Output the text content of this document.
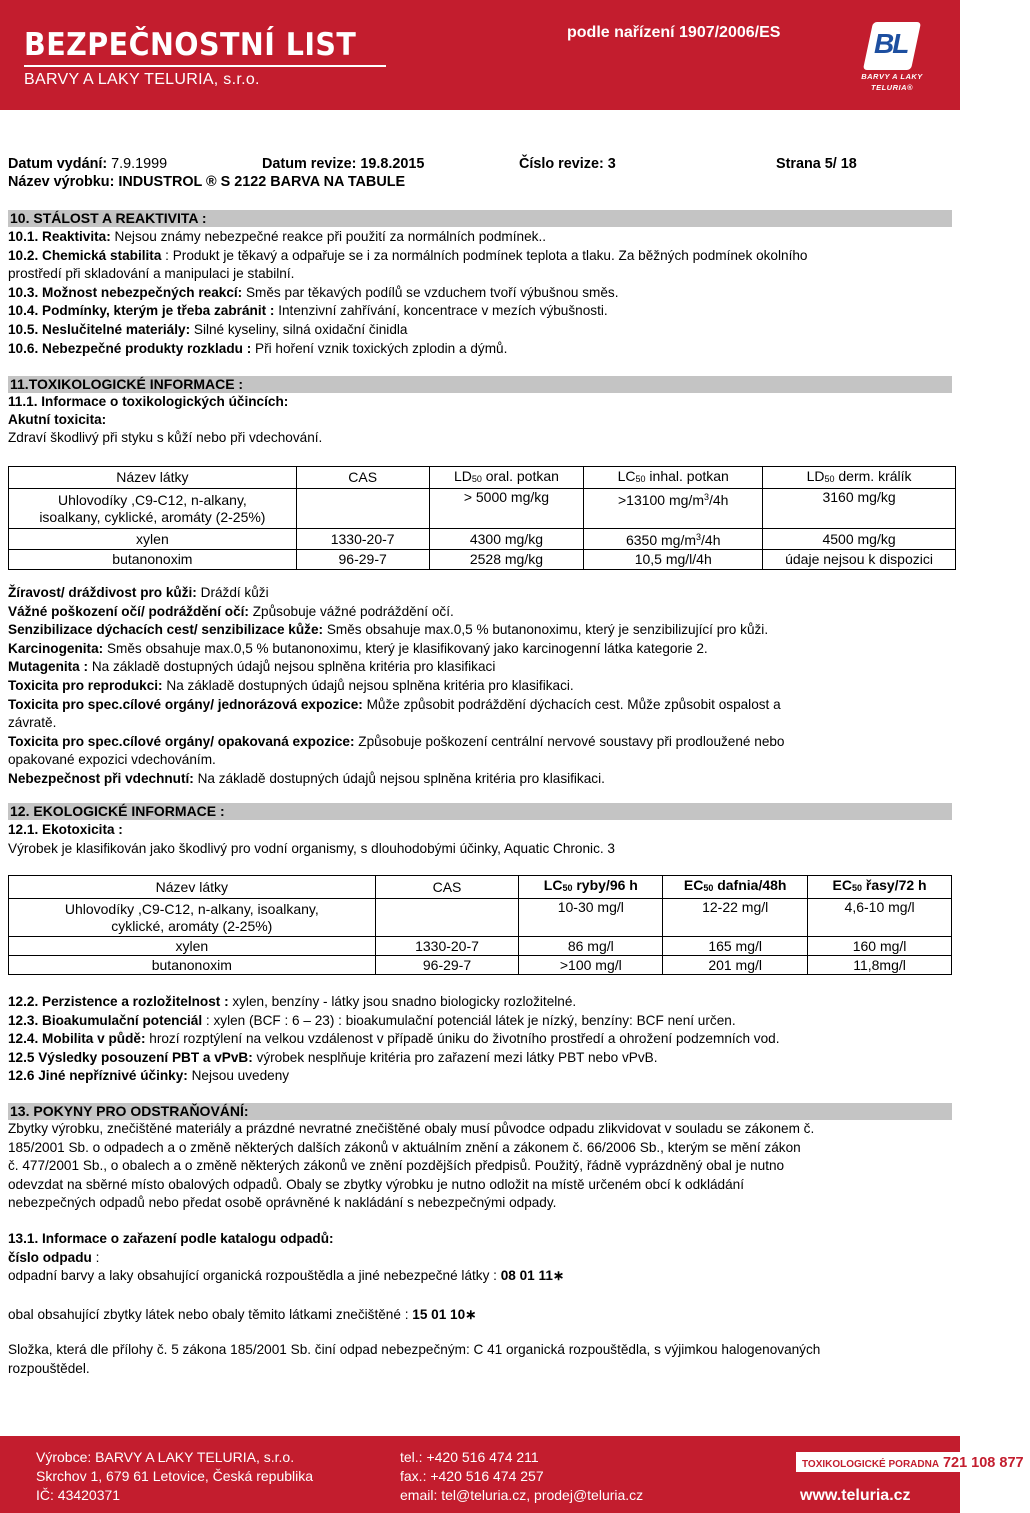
BEZPEČNOSTNÍ LIST
BARVY A LAKY TELURIA, s.r.o.
podle nařízení 1907/2006/ES	BL
BARVY A LAKY
TELURIA®
Datum vydání: 7.9.1999	Datum revize: 19.8.2015	Číslo revize: 3	Strana 5/ 18
Název výrobku: INDUSTROL ® S 2122 BARVA NA TABULE
10. STÁLOST A REAKTIVITA :
10.1. Reaktivita: Nejsou známy nebezpečné reakce při použití za normálních podmínek..
10.2. Chemická stabilita : Produkt je těkavý a odpařuje se i za normálních podmínek teplota a tlaku. Za běžných podmínek okolního
prostředí při skladování a manipulaci je stabilní.
10.3. Možnost nebezpečných reakcí: Směs par těkavých podílů se vzduchem tvoří výbušnou směs.
10.4. Podmínky, kterým je třeba zabránit : Intenzivní zahřívání, koncentrace v mezích výbušnosti.
10.5. Neslučitelné materiály: Silné kyseliny, silná oxidační činidla
10.6. Nebezpečné produkty rozkladu : Při hoření vznik toxických zplodin a dýmů.
11.TOXIKOLOGICKÉ INFORMACE :
11.1. Informace o toxikologických účincích:
Akutní toxicita:
Zdraví škodlivý při styku s kůží nebo při vdechování.
Název látky	CAS	$LD_{50}$ oral. potkan	$LC_{50}$ inhal. potkan	$LD_{50}$ derm. králík

Uhlovodíky ,C9-C12, n-alkany,
isoalkany, cyklické, aromáty (2-25%)		> 5000 mg/kg	>13100 $mg/m^3/4h$	3160 mg/kg
xylen	1330-20-7	4300 mg/kg	6350 $mg/m^3/4h$	4500 mg/kg
butanonoxim	96-29-7	2528 mg/kg	10,5 mg/l/4h	údaje nejsou k dispozici
Žíravost/ dráždivost pro kůži: Dráždí kůži
Vážné poškození očí/ podráždění očí: Způsobuje vážné podráždění očí.
Senzibilizace dýchacích cest/ senzibilizace kůže: Směs obsahuje max.0,5 % butanonoximu, který je senzibilizující pro kůži.
Karcinogenita: Směs obsahuje max.0,5 % butanonoximu, který je klasifikovaný jako karcinogenní látka kategorie 2.
Mutagenita : Na základě dostupných údajů nejsou splněna kritéria pro klasifikaci
Toxicita pro reprodukci: Na základě dostupných údajů nejsou splněna kritéria pro klasifikaci.
Toxicita pro spec.cílové orgány/ jednorázová expozice: Může způsobit podráždění dýchacích cest. Může způsobit ospalost a
závratě.
Toxicita pro spec.cílové orgány/ opakovaná expozice: Způsobuje poškození centrální nervové soustavy při prodloužené nebo
opakované expozici vdechováním.
Nebezpečnost při vdechnutí: Na základě dostupných údajů nejsou splněna kritéria pro klasifikaci.
12. EKOLOGICKÉ INFORMACE :
12.1. Ekotoxicita :
Výrobek je klasifikován jako škodlivý pro vodní organismy, s dlouhodobými účinky, Aquatic Chronic. 3
Název látky	CAS	$LC_{50}$ ryby/96 h	$EC_{50}$ dafnia/48h	$EC_{50}$ řasy/72 h

Uhlovodíky ,C9-C12, n-alkany, isoalkany,
cyklické, aromáty (2-25%)		10-30 mg/l	12-22 mg/l	4,6-10 mg/l
xylen	1330-20-7	86 mg/l	165 mg/l	160 mg/l
butanonoxim	96-29-7	>100 mg/l	201 mg/l	11,8mg/l
12.2. Perzistence a rozložitelnost : xylen, benzíny - látky jsou snadno biologicky rozložitelné.
12.3. Bioakumulační potenciál : xylen (BCF : 6 – 23) : bioakumulační potenciál látek je nízký, benzíny: BCF není určen.
12.4. Mobilita v půdě: hrozí rozptýlení na velkou vzdálenost v případě úniku do životního prostředí a ohrožení podzemních vod.
12.5 Výsledky posouzení PBT a vPvB: výrobek nesplňuje kritéria pro zařazení mezi látky PBT nebo vPvB.
12.6 Jiné nepříznivé účinky: Nejsou uvedeny
13. POKYNY PRO ODSTRAŇOVÁNÍ:
Zbytky výrobku, znečištěné materiály a prázdné nevratné znečištěné obaly musí původce odpadu zlikvidovat v souladu se zákonem č.
185/2001 Sb. o odpadech a o změně některých dalších zákonů v aktuálním znění a zákonem č. 66/2006 Sb., kterým se mění zákon
č. 477/2001 Sb., o obalech a o změně některých zákonů ve znění pozdějších předpisů. Použitý, řádně vyprázdněný obal je nutno
odevzdat na sběrné místo obalových odpadů. Obaly se zbytky výrobku je nutno odložit na místě určeném obcí k odkládání
nebezpečných odpadů nebo předat osobě oprávněné k nakládání s nebezpečnými odpady.
13.1. Informace o zařazení podle katalogu odpadů:
číslo odpadu :
odpadní barvy a laky obsahující organická rozpouštědla a jiné nebezpečné látky : 08 01 11∗
obal obsahující zbytky látek nebo obaly těmito látkami znečištěné : 15 01 10∗
Složka, která dle přílohy č. 5 zákona 185/2001 Sb. činí odpad nebezpečným: C 41 organická rozpouštědla, s výjimkou halogenovaných
rozpouštědel.
Výrobce: BARVY A LAKY TELURIA, s.r.o.
Skrchov 1, 679 61 Letovice, Česká republika
IČ: 43420371
tel.: +420 516 474 211
fax.: +420 516 474 257
email: tel@teluria.cz, prodej@teluria.cz
TOXIKOLOGICKÉ PORADNA 721 108 877
www.teluria.cz
